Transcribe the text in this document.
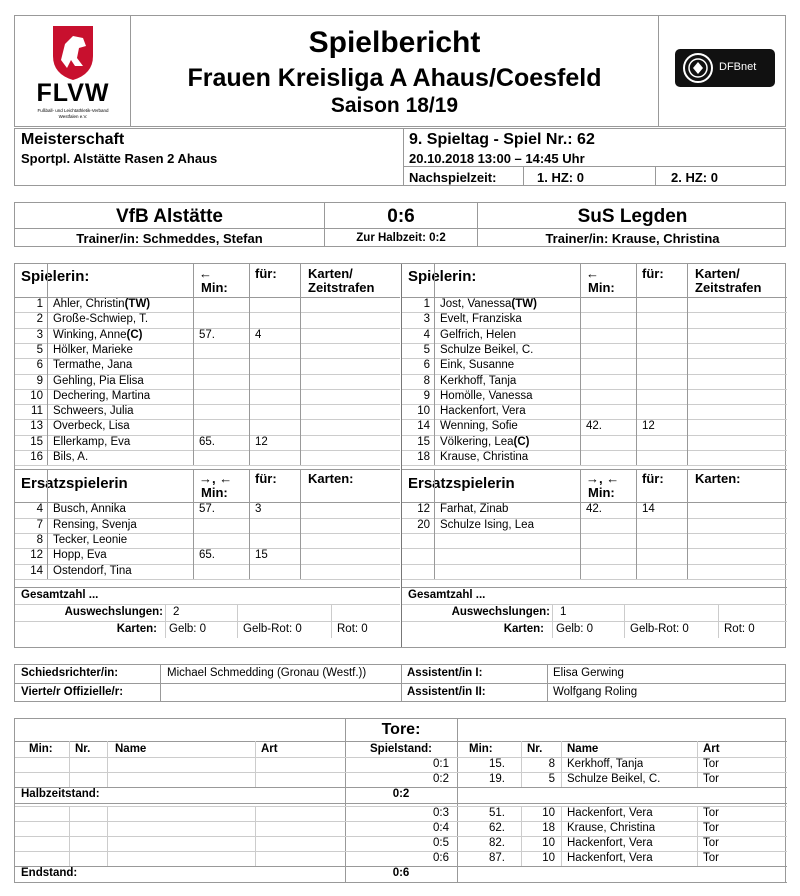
FLVW
Fußball- und Leichtathletik-Verband
Westfalen e.V.
Spielbericht
Frauen Kreisliga A Ahaus/Coesfeld
Saison 18/19
DFBnet
Meisterschaft
Sportpl. Alstätte Rasen 2 Ahaus
9. Spieltag - Spiel Nr.: 62
20.10.2018 13:00 – 14:45 Uhr
Nachspielzeit:	1. HZ: 0	2. HZ: 0
VfB Alstätte	0:6	SuS Legden
Trainer/in: Schmeddes, Stefan	Zur Halbzeit: 0:2	Trainer/in: Krause, Christina
Spielerin:	←
Min:
für: Karten/
Zeitstrafen
1 Ahler, Christin(TW)
2 Große-Schwiep, T.
3 Winking, Anne(C)	57.	4
5 Hölker, Marieke
6 Termathe, Jana
9 Gehling, Pia Elisa
10 Dechering, Martina
11 Schweers, Julia
13 Overbeck, Lisa
15 Ellerkamp, Eva	65.	12
16 Bils, A.
Ersatzspielerin	→, ←
Min:
für: Karten:
4 Busch, Annika	57.	3
7 Rensing, Svenja
8 Tecker, Leonie
12 Hopp, Eva	65.	15
14 Ostendorf, Tina
Gesamtzahl ...
Auswechslungen: 2
Karten: Gelb: 0	Gelb-Rot: 0	Rot: 0
Spielerin:	←
Min:
für: Karten/
Zeitstrafen
1 Jost, Vanessa(TW)
3 Evelt, Franziska
4 Gelfrich, Helen
5 Schulze Beikel, C.
6 Eink, Susanne
8 Kerkhoff, Tanja
9 Homölle, Vanessa
10 Hackenfort, Vera
14 Wenning, Sofie	42.	12
15 Völkering, Lea(C)
18 Krause, Christina
Ersatzspielerin	→, ←
Min:
für: Karten:
12 Farhat, Zinab	42.	14
20 Schulze Ising, Lea
Gesamtzahl ...
Auswechslungen: 1
Karten: Gelb: 0	Gelb-Rot: 0	Rot: 0
Schiedsrichter/in:	Michael Schmedding (Gronau (Westf.))
Vierte/r Offizielle/r:
Assistent/in I:	Elisa Gerwing
Assistent/in II:	Wolfgang Roling
Tore:
Min: Nr. Name	Art	Spielstand:	Min:	Nr. Name	Art
0:1	15.	8 Kerkhoff, Tanja	Tor
0:2	19.	5 Schulze Beikel, C.	Tor
Halbzeitstand:	0:2
0:3	51.	10 Hackenfort, Vera	Tor
0:4	62.	18 Krause, Christina	Tor
0:5	82.	10 Hackenfort, Vera	Tor
0:6	87.	10 Hackenfort, Vera	Tor
Endstand:	0:6
